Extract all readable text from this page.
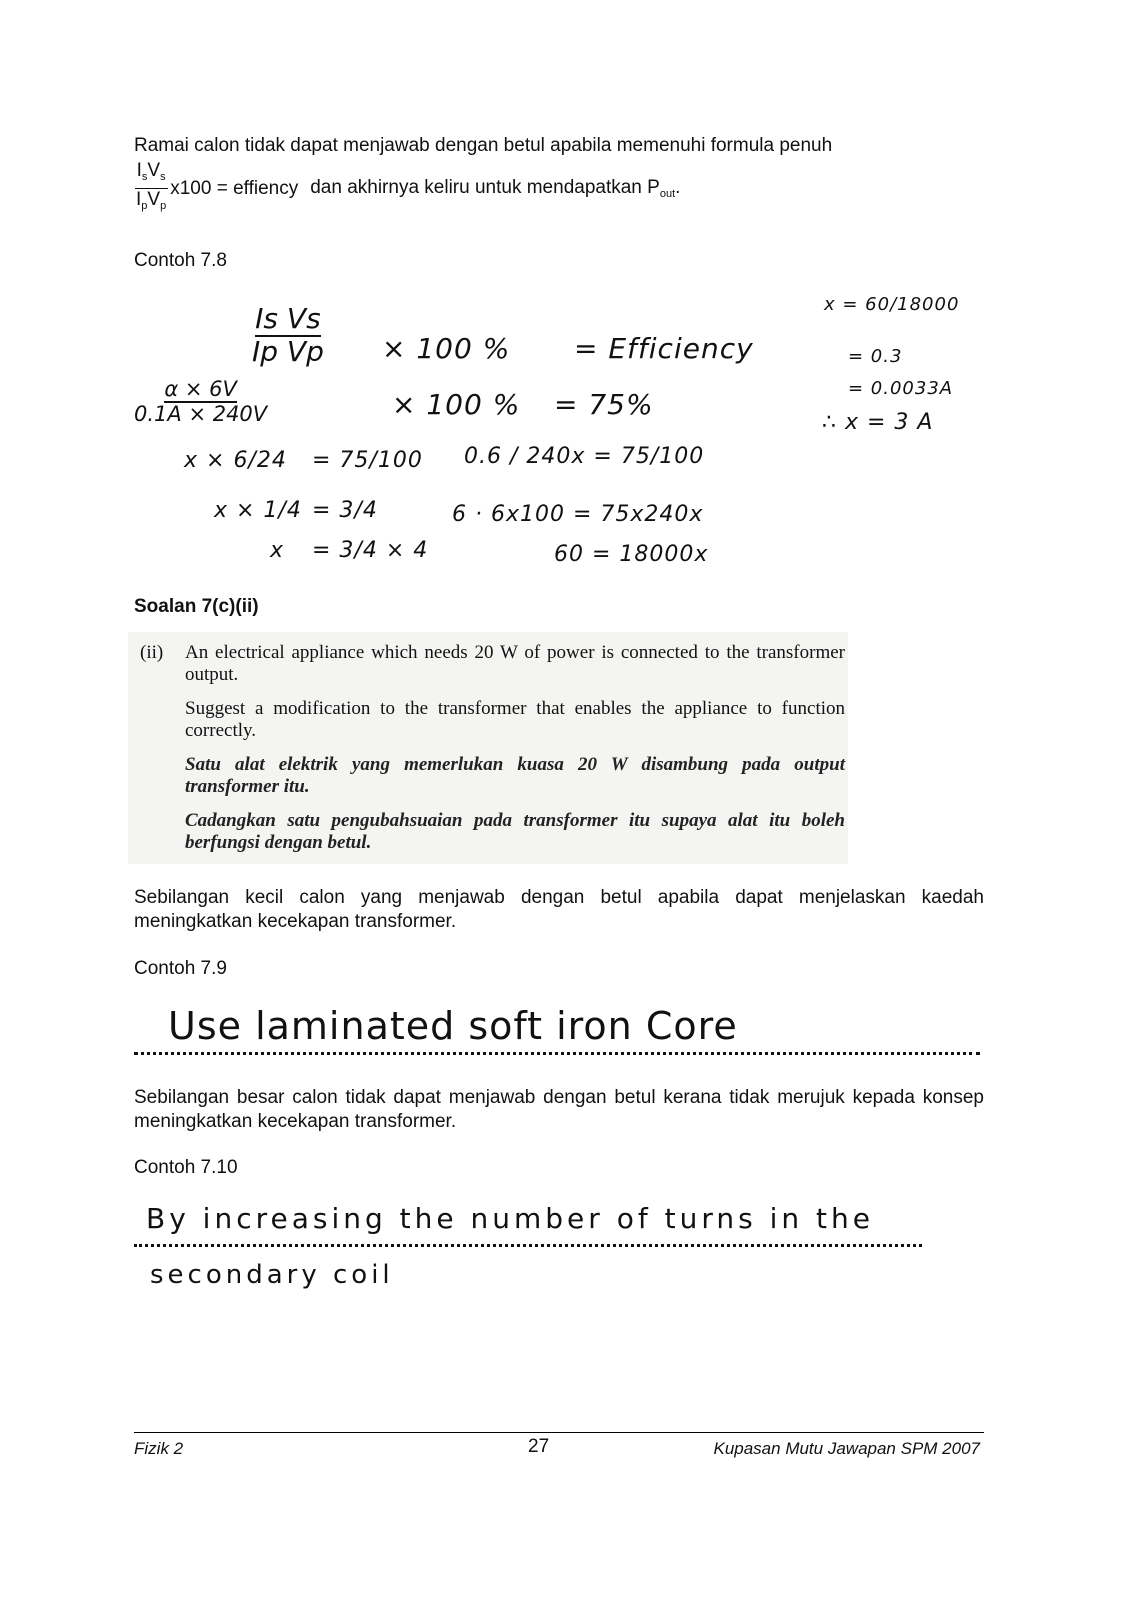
Ramai calon tidak dapat menjawab dengan betul apabila memenuhi formula penuh
$\frac{I_sV_s}{I_pV_p} x100$ = effiency dan akhirnya keliru untuk mendapatkan $P_{out}$.
Contoh 7.8
$\frac{\text{Is Vs}}{\text{Ip Vp}} \times 100$ % = Efficiency
$\frac{\alpha \times 6V}{0.1A \times 240V}$	× 100 % = 75%
x × 6/24 = 75/100
x × 1/4 = 3/4
x = 3/4 × 4
0.6 / 240x = 75/100
6 · 6x100 = 75x240x
60 = 18000x
x = 60/18000
= 0.3
= 0.0033A
∴ x = 3 A
Soalan 7(c)(ii)
(ii) An electrical appliance which needs 20 W of power is connected to the transformer output.

Suggest a modification to the transformer that enables the appliance to function correctly.

Satu alat elektrik yang memerlukan kuasa 20 W disambung pada output transformer itu.

Cadangkan satu pengubahsuaian pada transformer itu supaya alat itu boleh berfungsi dengan betul.

Sebilangan kecil calon yang menjawab dengan betul apabila dapat menjelaskan kaedah meningkatkan kecekapan transformer.
Contoh 7.9
Use laminated soft iron Core
Sebilangan besar calon tidak dapat menjawab dengan betul kerana tidak merujuk kepada konsep meningkatkan kecekapan transformer.
Contoh 7.10
By increasing the number of turns in the
secondary coil
Fizik 2	27	Kupasan Mutu Jawapan SPM 2007
